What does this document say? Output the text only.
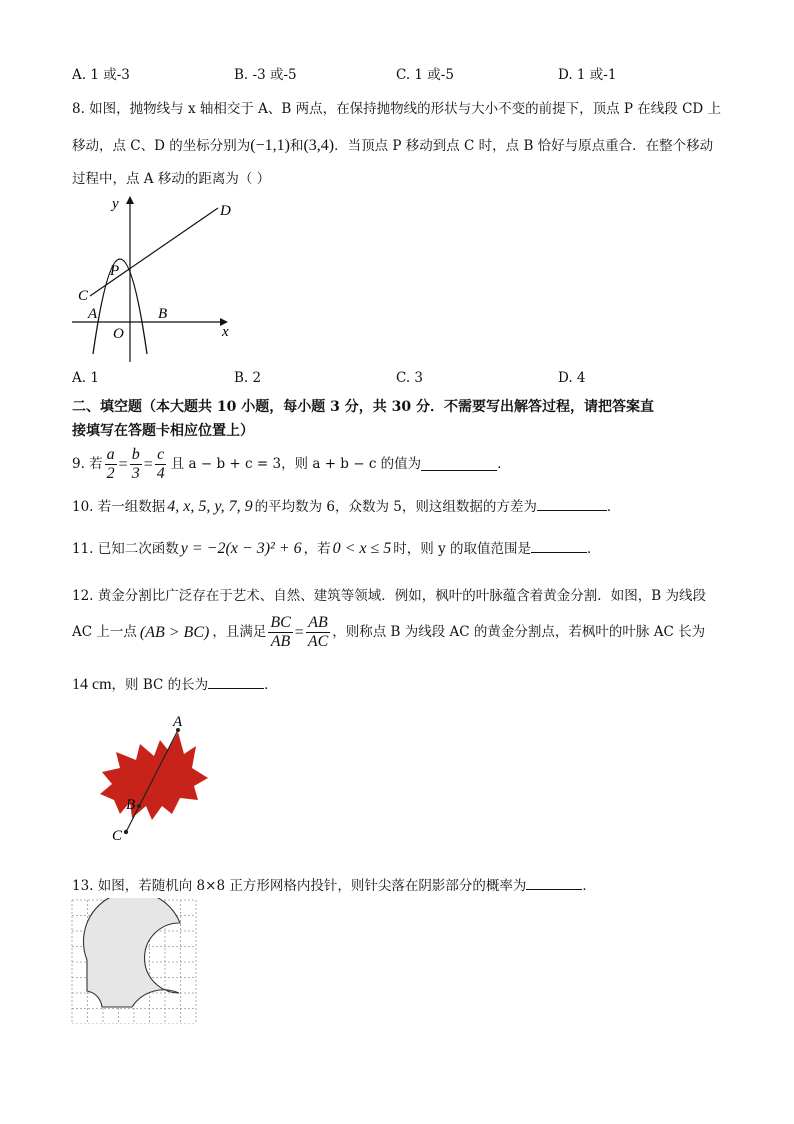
A. 1 或-3	B. -3 或-5	C. 1 或-5	D. 1 或-1
8. 如图，抛物线与 x 轴相交于 A、B 两点，在保持抛物线的形状与大小不变的前提下，顶点 P 在线段 CD 上
移动，点 C、D 的坐标分别为(−1,1)和(3,4)．当顶点 P 移动到点 C 时，点 B 恰好与原点重合．在整个移动
过程中，点 A 移动的距离为（ ）
y
x
D
P
C
A	B
O
A. 1	B. 2	C. 3	D. 4
二、填空题（本大题共 10 小题，每小题 3 分，共 30 分．不需要写出解答过程，请把答案直
接填写在答题卡相应位置上）
9. 若 $\frac{a}{2} = \frac{b}{3} = \frac{c}{4}$ 且 a − b + c = 3 ，则 a + b − c 的值为	．
10. 若一组数据 4, x, 5, y, 7, 9 的平均数为 6，众数为 5，则这组数据的方差为	．
11. 已知二次函数 y = −2(x − 3)² + 6 ，若 0 < x ≤ 5 时，则 y 的取值范围是	．
12. 黄金分割比广泛存在于艺术、自然、建筑等领域．例如，枫叶的叶脉蕴含着黄金分割．如图，B 为线段
AC 上一点 (AB > BC) ，且满足 $\frac{BC}{AB} = \frac{AB}{AC}$ ，则称点 B 为线段 AC 的黄金分割点，若枫叶的叶脉 AC 长为
14 cm ，则 BC 的长为	．
A
B
C
13. 如图，若随机向 8×8 正方形网格内投针，则针尖落在阴影部分的概率为	．
